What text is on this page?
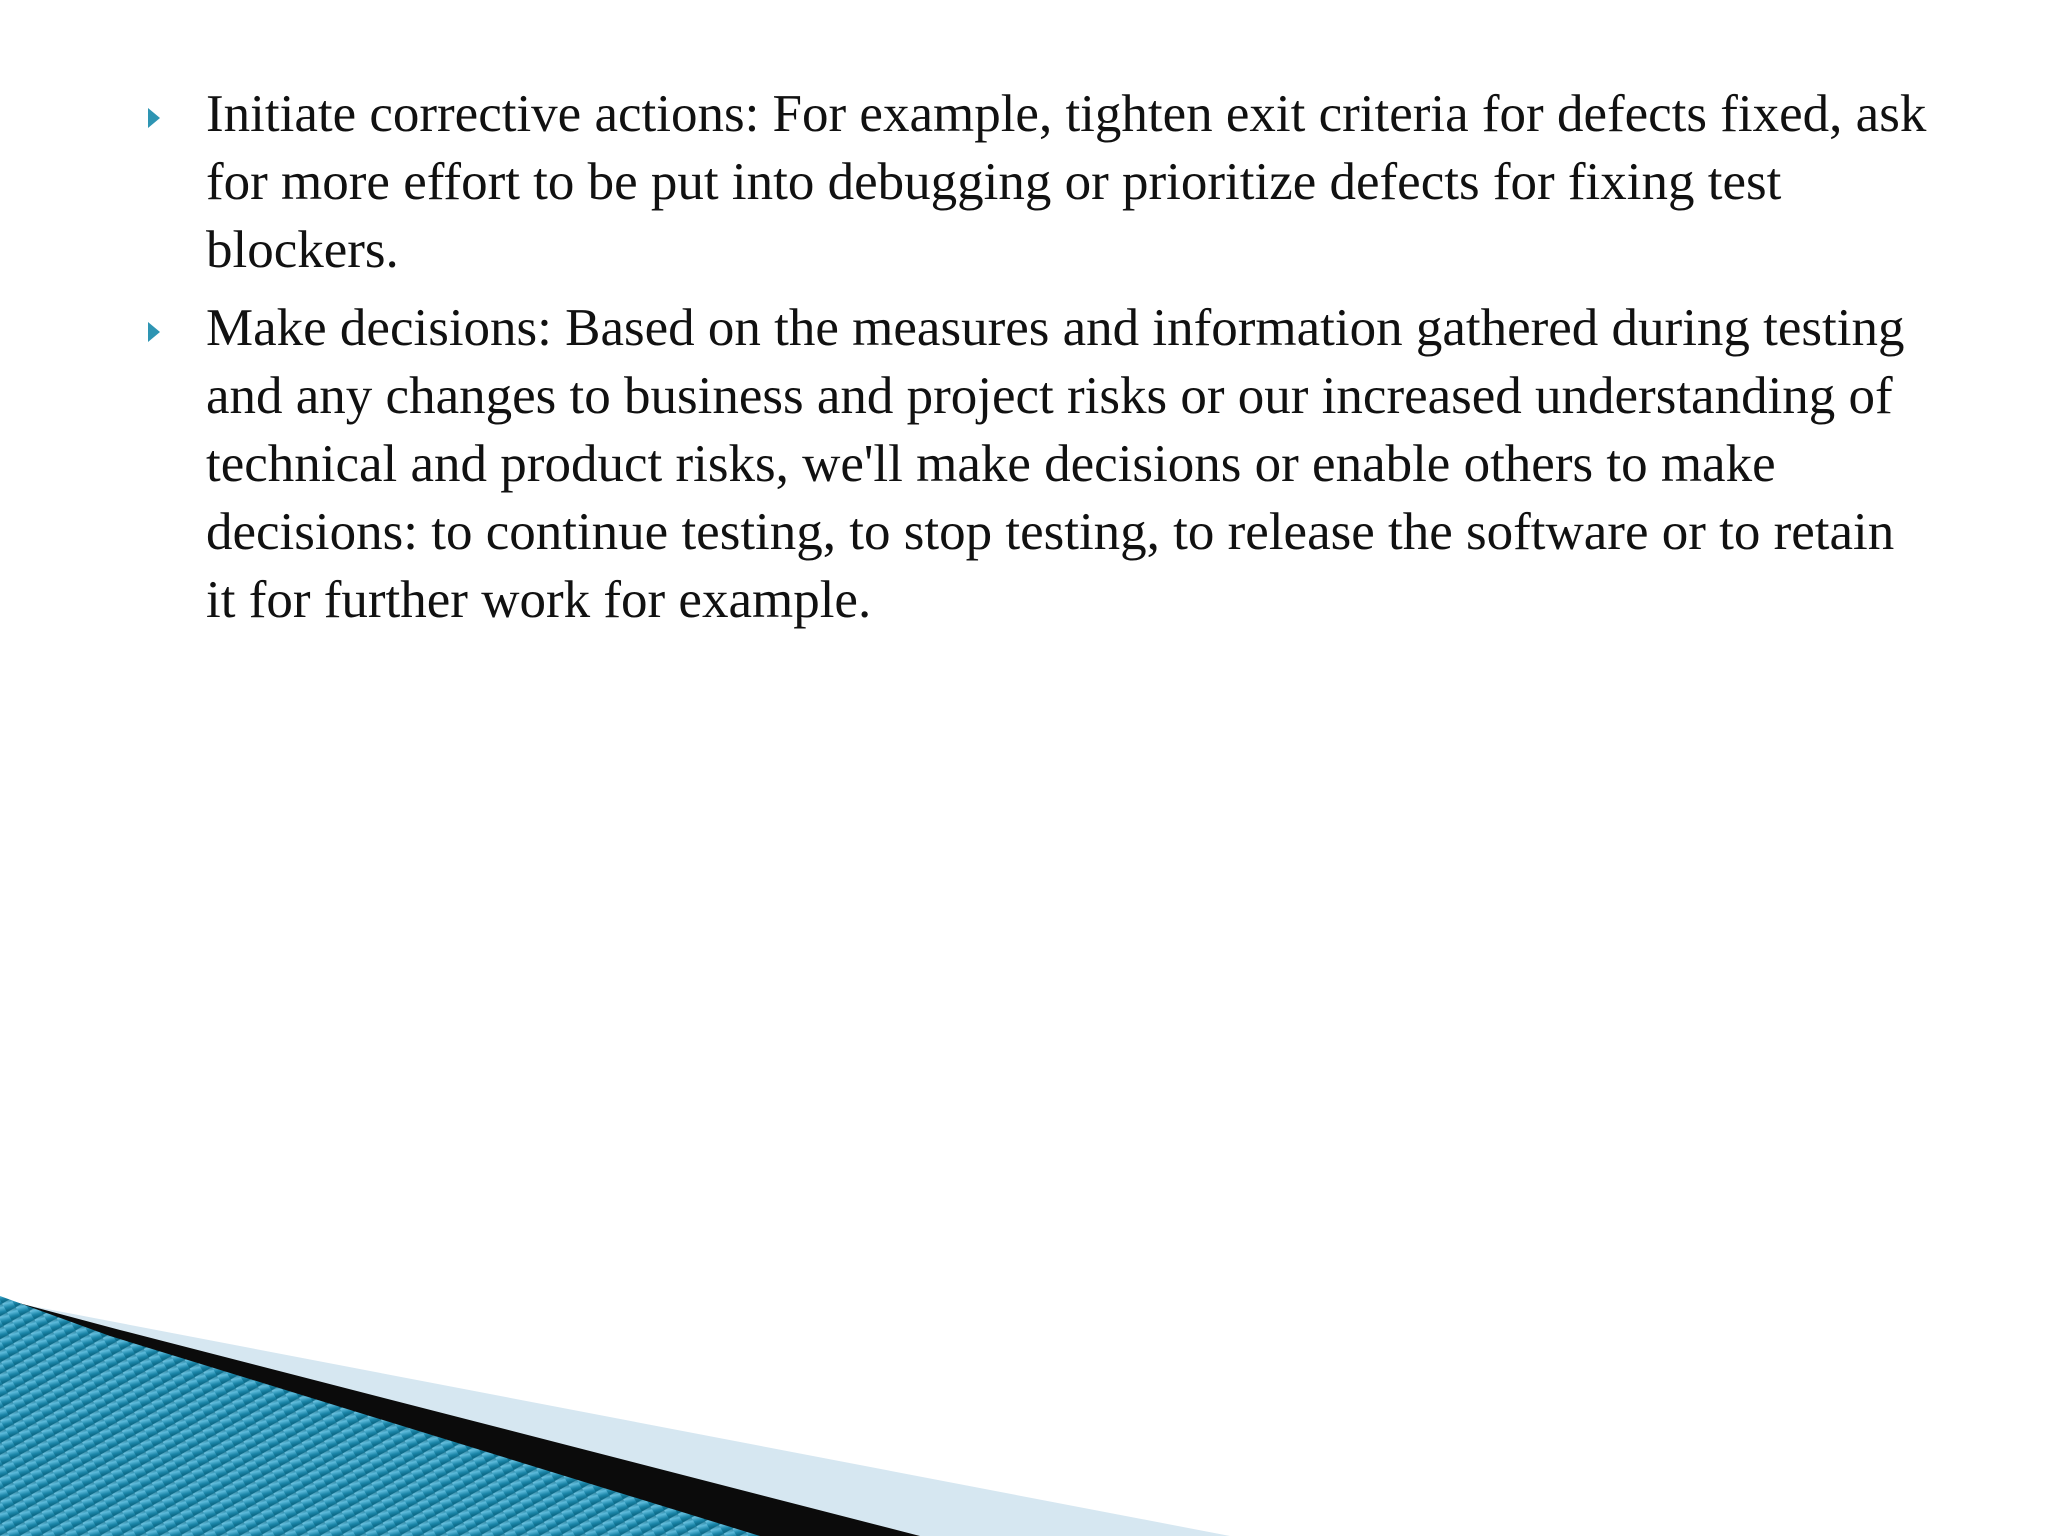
Initiate corrective actions: For example, tighten exit criteria for defects fixed, ask for more effort to be put into debugging or prioritize defects for fixing test blockers.
Make decisions: Based on the measures and information gathered during testing and any changes to business and project risks or our increased understanding of technical and product risks, we'll make decisions or enable others to make decisions: to continue testing, to stop testing, to release the software or to retain it for further work for example.
